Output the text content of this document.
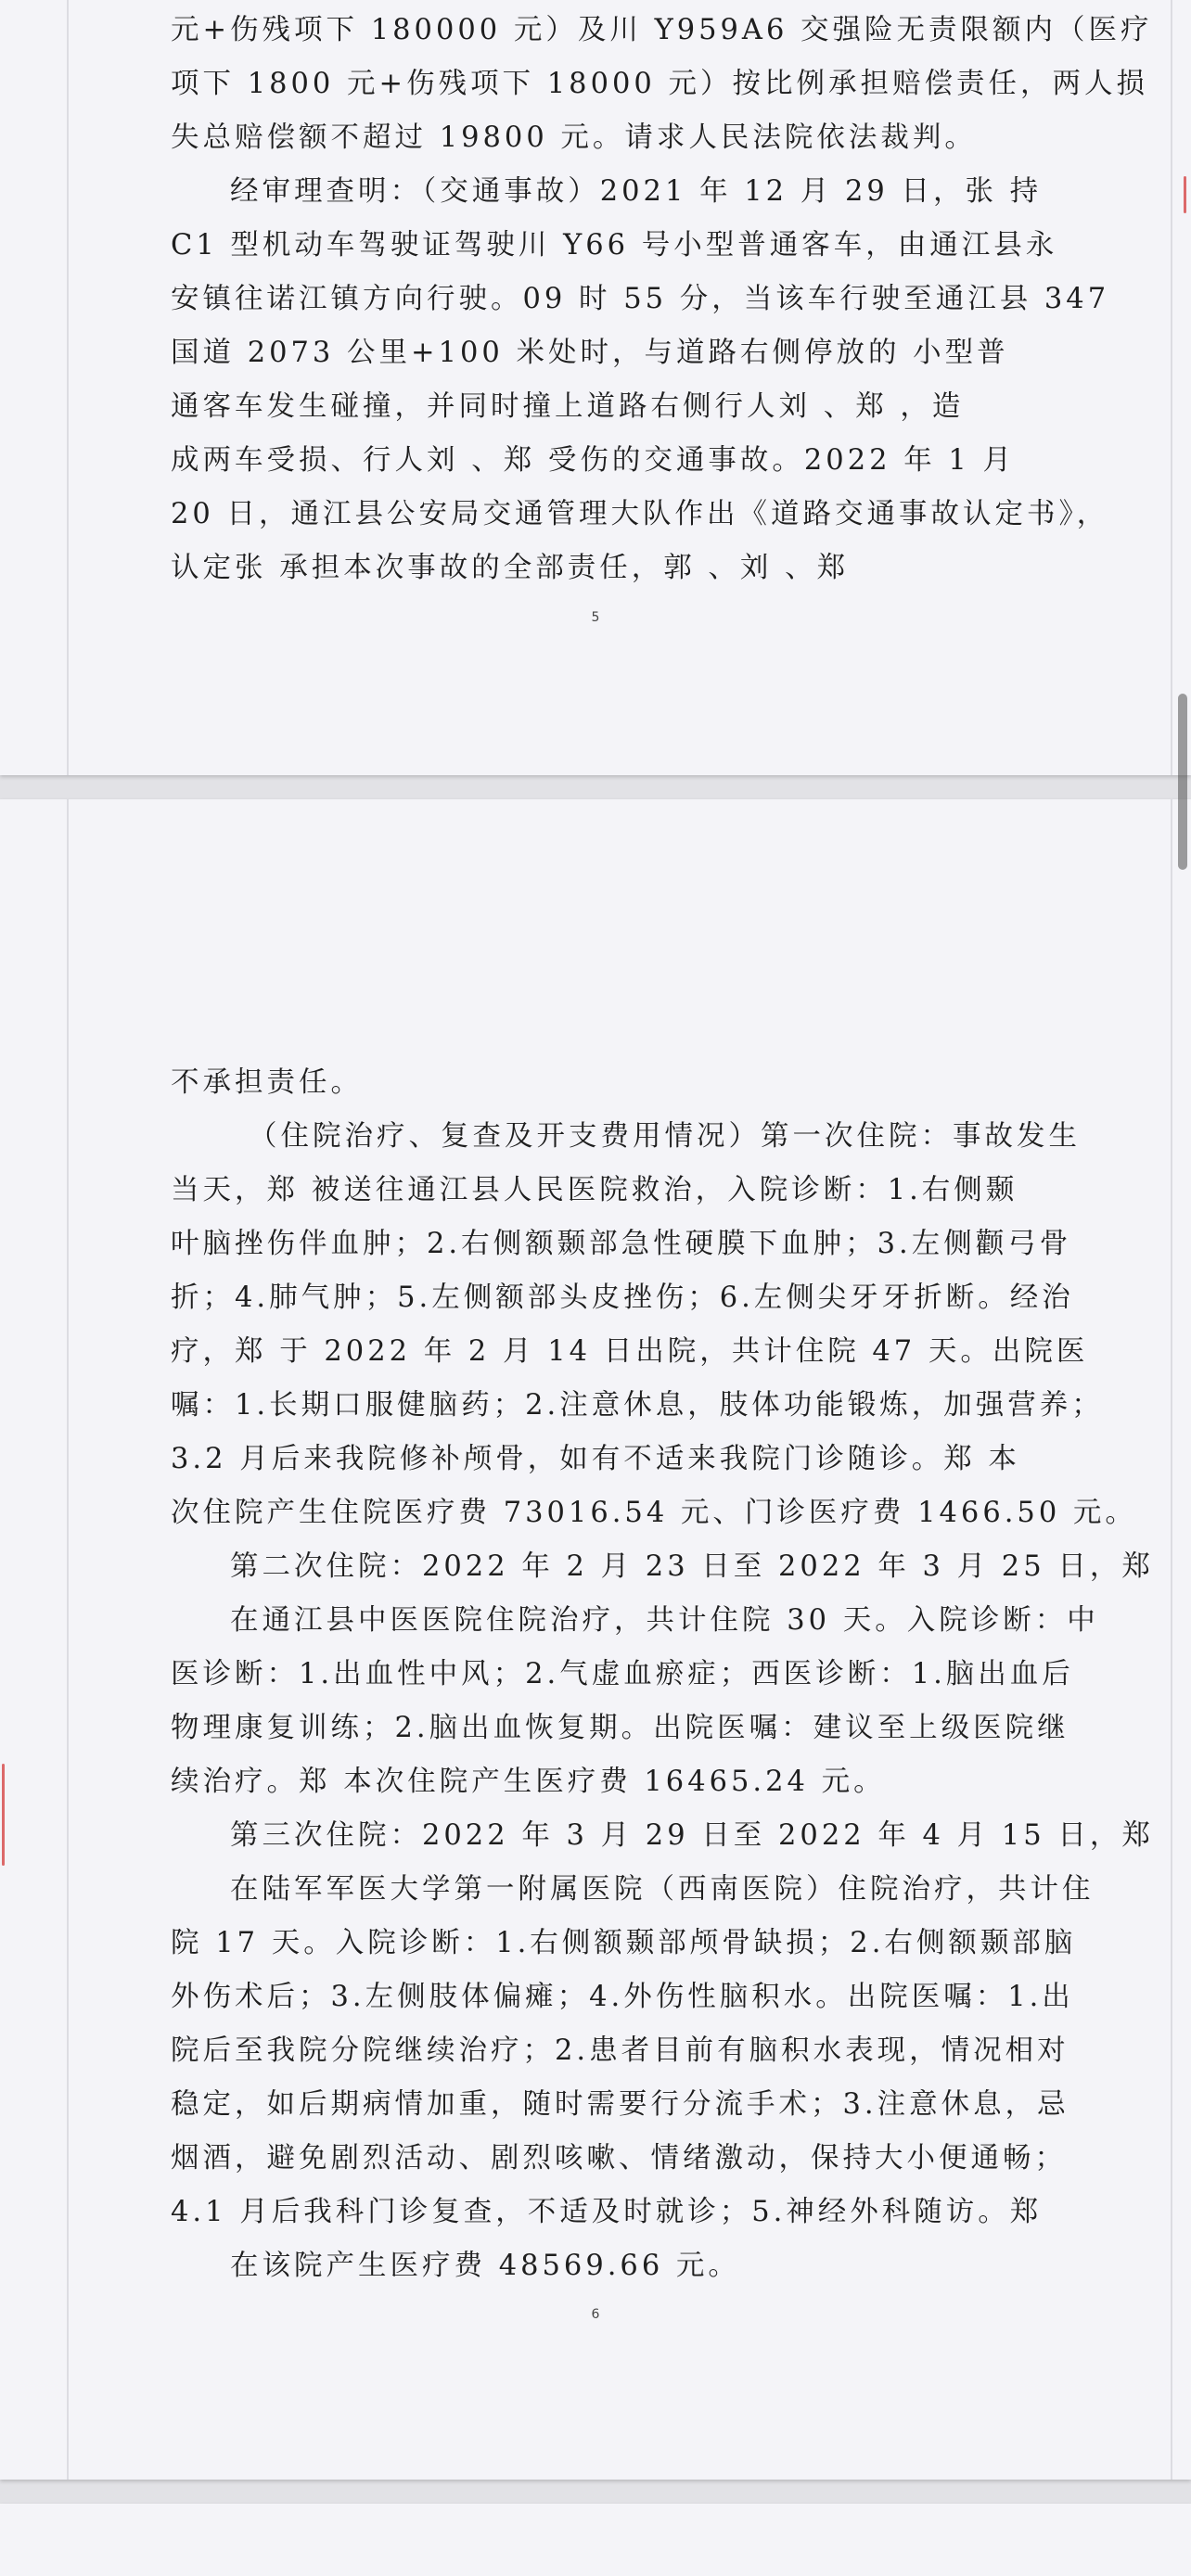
元+伤残项下 180000 元）及川 Y959A6 交强险无责限额内（医疗

项下 1800 元+伤残项下 18000 元）按比例承担赔偿责任，两人损

失总赔偿额不超过 19800 元。请求人民法院依法裁判。

经审理查明：（交通事故）2021 年 12 月 29 日，张 持

C1 型机动车驾驶证驾驶川 Y66 号小型普通客车，由通江县永

安镇往诺江镇方向行驶。09 时 55 分，当该车行驶至通江县 347

国道 2073 公里+100 米处时，与道路右侧停放的 小型普

通客车发生碰撞，并同时撞上道路右侧行人刘 、郑 ，造

成两车受损、行人刘 、郑 受伤的交通事故。2022 年 1 月

20 日，通江县公安局交通管理大队作出《道路交通事故认定书》，

认定张 承担本次事故的全部责任，郭 、刘 、郑

5

不承担责任。

（住院治疗、复查及开支费用情况）第一次住院：事故发生

当天，郑 被送往通江县人民医院救治，入院诊断：1.右侧颞

叶脑挫伤伴血肿；2.右侧额颞部急性硬膜下血肿；3.左侧颧弓骨

折；4.肺气肿；5.左侧额部头皮挫伤；6.左侧尖牙牙折断。经治

疗，郑 于 2022 年 2 月 14 日出院，共计住院 47 天。出院医

嘱：1.长期口服健脑药；2.注意休息，肢体功能锻炼，加强营养；

3.2 月后来我院修补颅骨，如有不适来我院门诊随诊。郑 本

次住院产生住院医疗费 73016.54 元、门诊医疗费 1466.50 元。

第二次住院：2022 年 2 月 23 日至 2022 年 3 月 25 日，郑

在通江县中医医院住院治疗，共计住院 30 天。入院诊断：中

医诊断：1.出血性中风；2.气虚血瘀症；西医诊断：1.脑出血后

物理康复训练；2.脑出血恢复期。出院医嘱：建议至上级医院继

续治疗。郑 本次住院产生医疗费 16465.24 元。

第三次住院：2022 年 3 月 29 日至 2022 年 4 月 15 日，郑

在陆军军医大学第一附属医院（西南医院）住院治疗，共计住

院 17 天。入院诊断：1.右侧额颞部颅骨缺损；2.右侧额颞部脑

外伤术后；3.左侧肢体偏瘫；4.外伤性脑积水。出院医嘱：1.出

院后至我院分院继续治疗；2.患者目前有脑积水表现，情况相对

稳定，如后期病情加重，随时需要行分流手术；3.注意休息，忌

烟酒，避免剧烈活动、剧烈咳嗽、情绪激动，保持大小便通畅；

4.1 月后我科门诊复查，不适及时就诊；5.神经外科随访。郑

在该院产生医疗费 48569.66 元。

6
